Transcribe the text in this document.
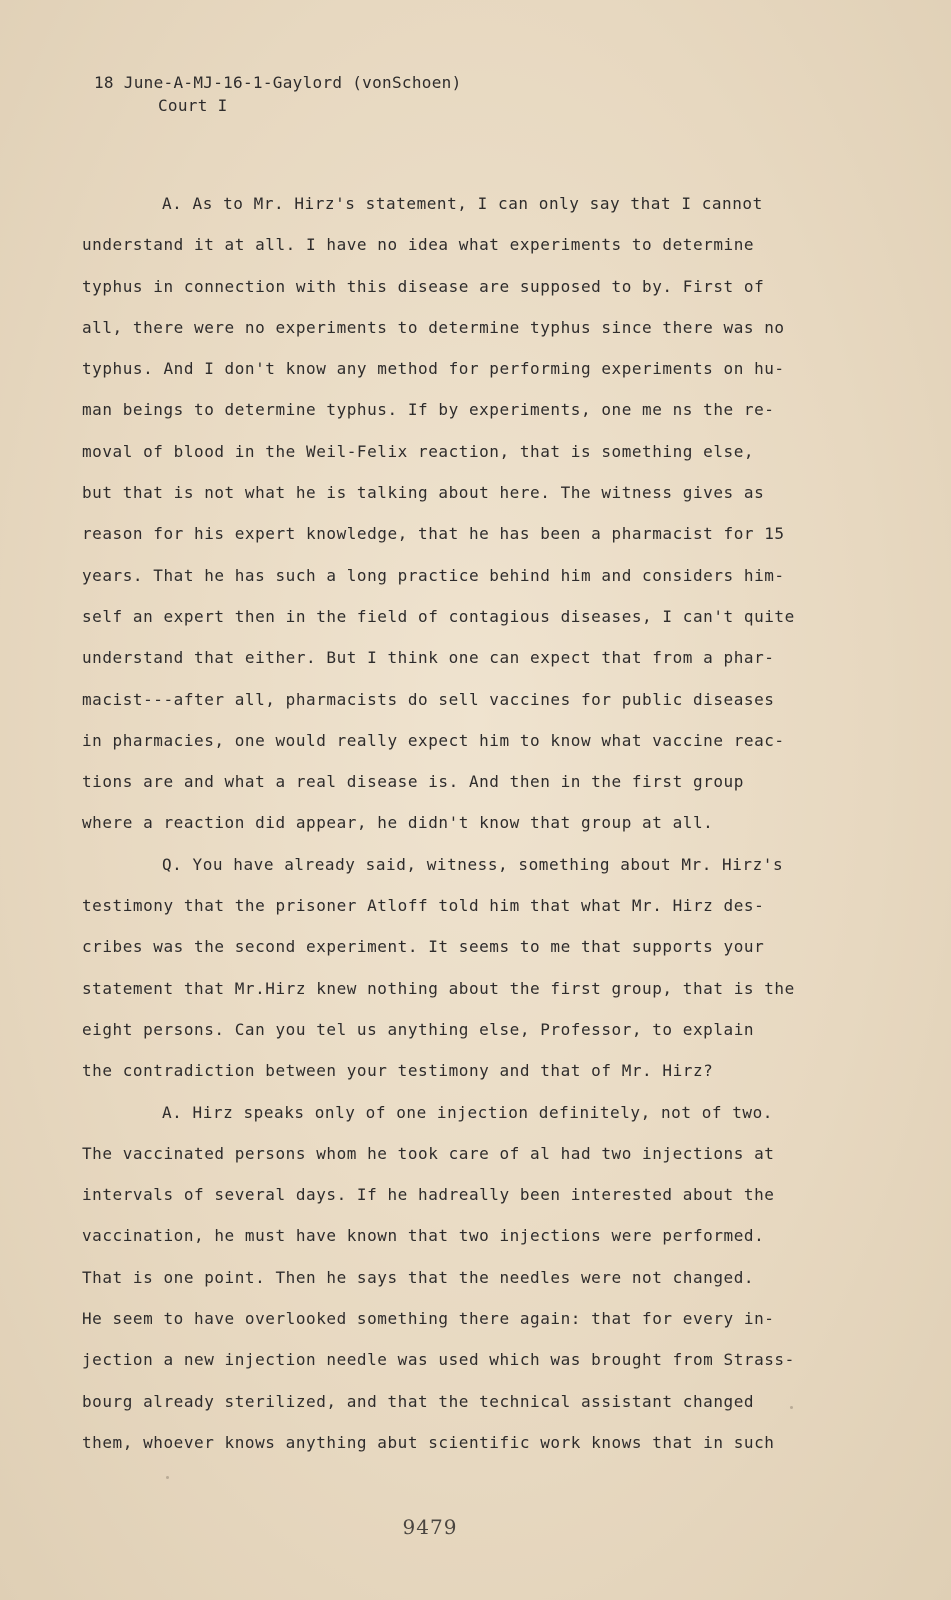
18 June-A-MJ-16-1-Gaylord (vonSchoen)
Court I
A. As to Mr. Hirz's statement, I can only say that I cannot
understand it at all. I have no idea what experiments to determine
typhus in connection with this disease are supposed to by. First of
all, there were no experiments to determine typhus since there was no
typhus. And I don't know any method for performing experiments on hu-
man beings to determine typhus. If by experiments, one me ns the re-
moval of blood in the Weil-Felix reaction, that is something else,
but that is not what he is talking about here. The witness gives as
reason for his expert knowledge, that he has been a pharmacist for 15
years. That he has such a long practice behind him and considers him-
self an expert then in the field of contagious diseases, I can't quite
understand that either. But I think one can expect that from a phar-
macist---after all, pharmacists do sell vaccines for public diseases
in pharmacies, one would really expect him to know what vaccine reac-
tions are and what a real disease is. And then in the first group
where a reaction did appear, he didn't know that group at all.
Q. You have already said, witness, something about Mr. Hirz's
testimony that the prisoner Atloff told him that what Mr. Hirz des-
cribes was the second experiment. It seems to me that supports your
statement that Mr.Hirz knew nothing about the first group, that is the
eight persons. Can you tel us anything else, Professor, to explain
the contradiction between your testimony and that of Mr. Hirz?
A. Hirz speaks only of one injection definitely, not of two.
The vaccinated persons whom he took care of al had two injections at
intervals of several days. If he hadreally been interested about the
vaccination, he must have known that two injections were performed.
That is one point. Then he says that the needles were not changed.
He seem to have overlooked something there again: that for every in-
jection a new injection needle was used which was brought from Strass-
bourg already sterilized, and that the technical assistant changed
them, whoever knows anything abut scientific work knows that in such
9479
